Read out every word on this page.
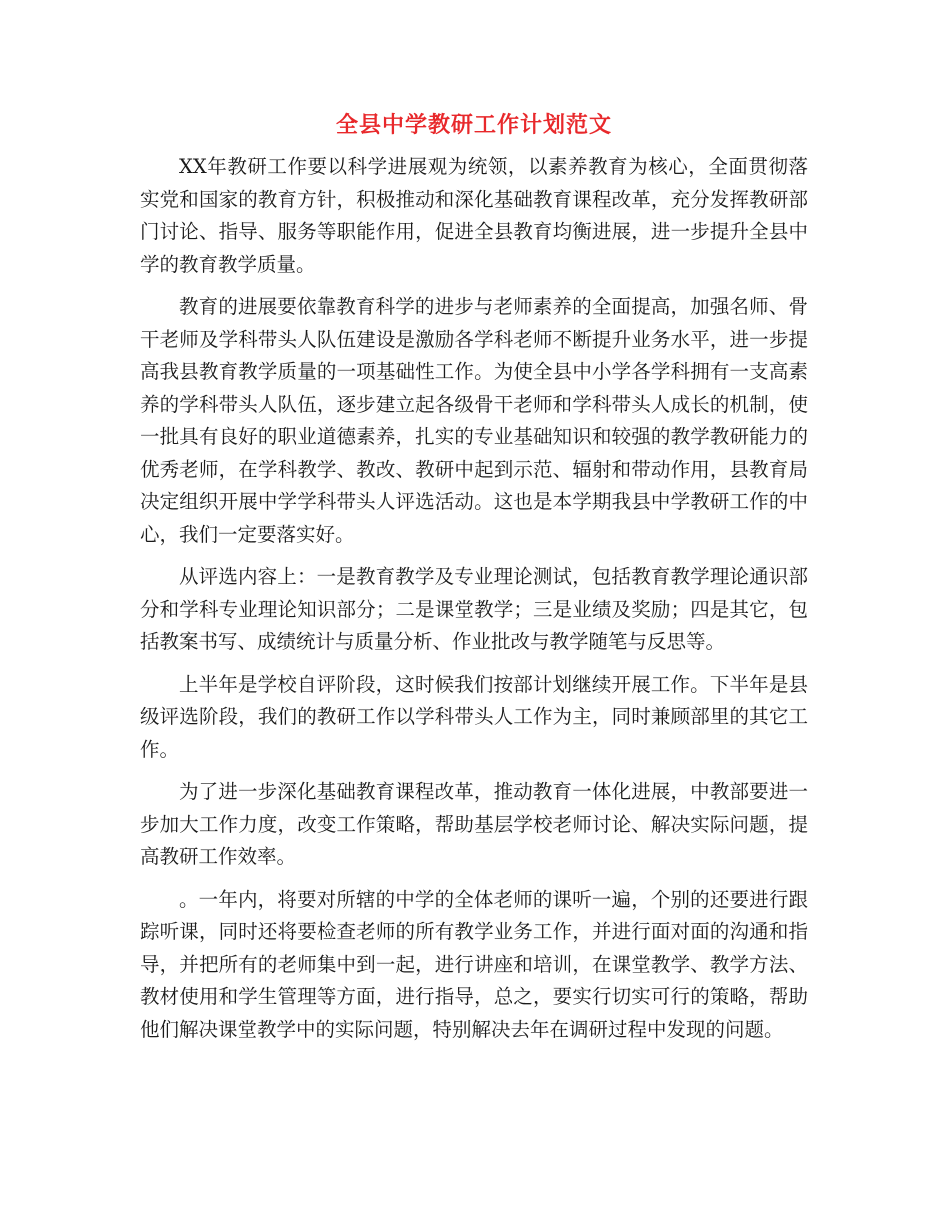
全县中学教研工作计划范文

XX年教研工作要以科学进展观为统领，以素养教育为核心，全面贯彻落实党和国家的教育方针，积极推动和深化基础教育课程改革，充分发挥教研部门讨论、指导、服务等职能作用，促进全县教育均衡进展，进一步提升全县中学的教育教学质量。

教育的进展要依靠教育科学的进步与老师素养的全面提高，加强名师、骨干老师及学科带头人队伍建设是激励各学科老师不断提升业务水平，进一步提高我县教育教学质量的一项基础性工作。为使全县中小学各学科拥有一支高素养的学科带头人队伍，逐步建立起各级骨干老师和学科带头人成长的机制，使一批具有良好的职业道德素养，扎实的专业基础知识和较强的教学教研能力的优秀老师，在学科教学、教改、教研中起到示范、辐射和带动作用，县教育局决定组织开展中学学科带头人评选活动。这也是本学期我县中学教研工作的中心，我们一定要落实好。

从评选内容上：一是教育教学及专业理论测试，包括教育教学理论通识部分和学科专业理论知识部分；二是课堂教学；三是业绩及奖励；四是其它，包括教案书写、成绩统计与质量分析、作业批改与教学随笔与反思等。

上半年是学校自评阶段，这时候我们按部计划继续开展工作。下半年是县级评选阶段，我们的教研工作以学科带头人工作为主，同时兼顾部里的其它工作。

为了进一步深化基础教育课程改革，推动教育一体化进展，中教部要进一步加大工作力度，改变工作策略，帮助基层学校老师讨论、解决实际问题，提高教研工作效率。

。一年内，将要对所辖的中学的全体老师的课听一遍，个别的还要进行跟踪听课，同时还将要检查老师的所有教学业务工作，并进行面对面的沟通和指导，并把所有的老师集中到一起，进行讲座和培训，在课堂教学、教学方法、教材使用和学生管理等方面，进行指导，总之，要实行切实可行的策略，帮助他们解决课堂教学中的实际问题，特别解决去年在调研过程中发现的问题。
